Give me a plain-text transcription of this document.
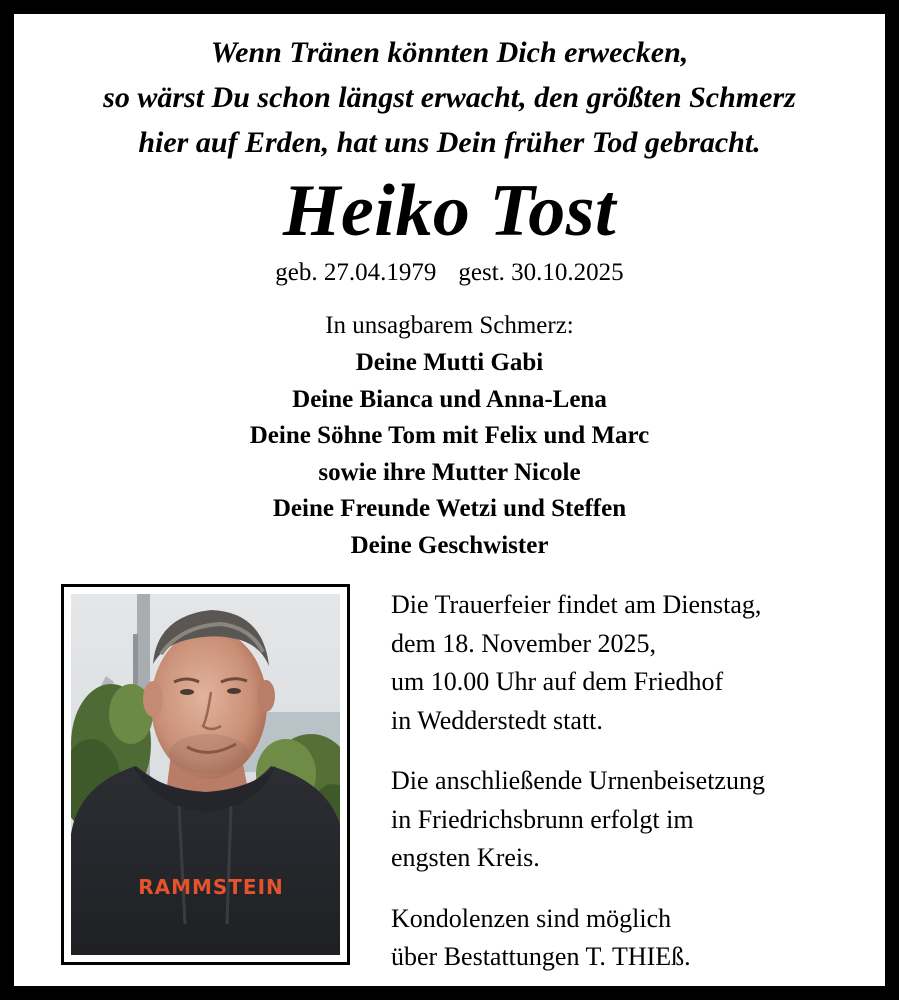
Wenn Tränen könnten Dich erwecken,
so wärst Du schon längst erwacht, den größten Schmerz
hier auf Erden, hat uns Dein früher Tod gebracht.
Heiko Tost
geb. 27.04.1979 gest. 30.10.2025
In unsagbarem Schmerz:
Deine Mutti Gabi
Deine Bianca und Anna-Lena
Deine Söhne Tom mit Felix und Marc
sowie ihre Mutter Nicole
Deine Freunde Wetzi und Steffen
Deine Geschwister
RAMMSTEIN
Die Trauerfeier findet am Dienstag,
dem 18. November 2025,
um 10.00 Uhr auf dem Friedhof
in Wedderstedt statt.
Die anschließende Urnenbeisetzung
in Friedrichsbrunn erfolgt im
engsten Kreis.
Kondolenzen sind möglich
über Bestattungen T. THIEß.
